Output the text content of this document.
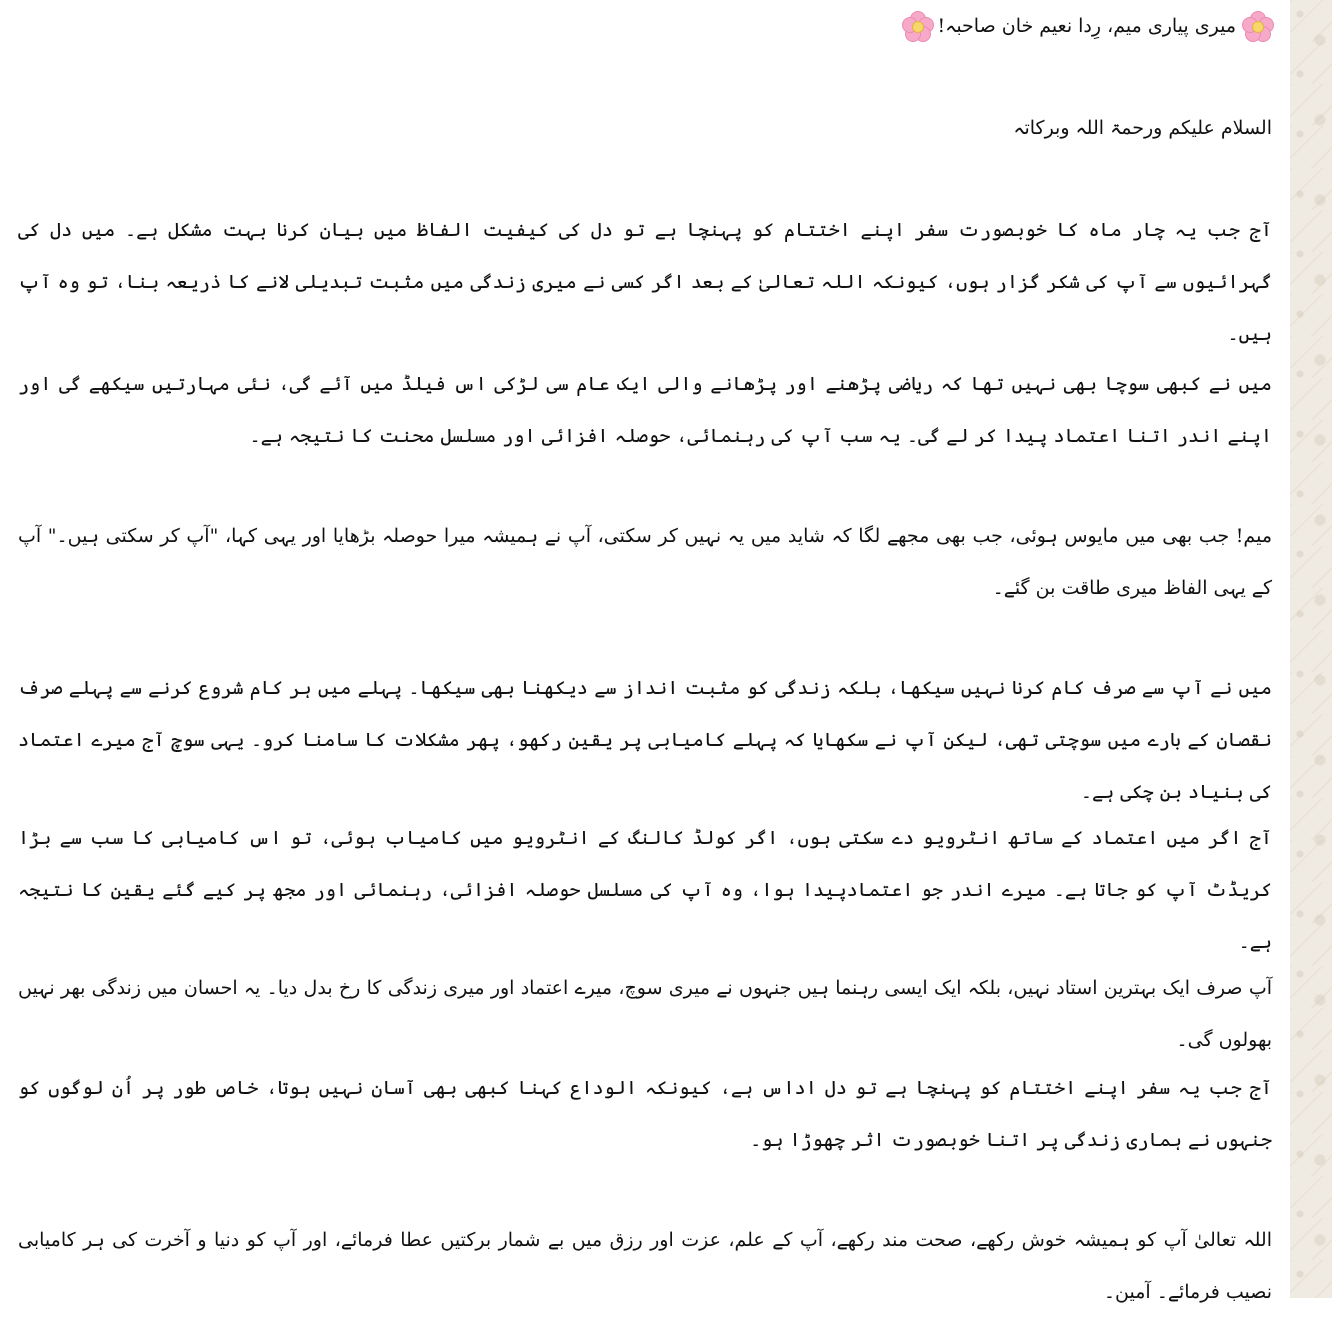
میری پیاری میم، رِدا نعیم خان صاحبہ!

السلام علیکم ورحمۃ اللہ وبرکاتہ

آج جب یہ چار ماہ کا خوبصورت سفر اپنے اختتام کو پہنچا ہے تو دل کی کیفیت الفاظ میں بیان کرنا بہت مشکل ہے۔ میں دل کی گہرائیوں سے آپ کی شکر گزار ہوں، کیونکہ اللہ تعالیٰ کے بعد اگر کسی نے میری زندگی میں مثبت تبدیلی لانے کا ذریعہ بنا، تو وہ آپ ہیں۔

میں نے کبھی سوچا بھی نہیں تھا کہ ریاضی پڑھنے اور پڑھانے والی ایک عام سی لڑکی اس فیلڈ میں آئے گی، نئی مہارتیں سیکھے گی اور اپنے اندر اتنا اعتماد پیدا کر لے گی۔ یہ سب آپ کی رہنمائی، حوصلہ افزائی اور مسلسل محنت کا نتیجہ ہے۔

میم! جب بھی میں مایوس ہوئی، جب بھی مجھے لگا کہ شاید میں یہ نہیں کر سکتی، آپ نے ہمیشہ میرا حوصلہ بڑھایا اور یہی کہا، "آپ کر سکتی ہیں۔" آپ کے یہی الفاظ میری طاقت بن گئے۔

میں نے آپ سے صرف کام کرنا نہیں سیکھا، بلکہ زندگی کو مثبت انداز سے دیکھنا بھی سیکھا۔ پہلے میں ہر کام شروع کرنے سے پہلے صرف نقصان کے بارے میں سوچتی تھی، لیکن آپ نے سکھایا کہ پہلے کامیابی پر یقین رکھو، پھر مشکلات کا سامنا کرو۔ یہی سوچ آج میرے اعتماد کی بنیاد بن چکی ہے۔

آج اگر میں اعتماد کے ساتھ انٹرویو دے سکتی ہوں، اگر کولڈ کالنگ کے انٹرویو میں کامیاب ہوئی، تو اس کامیابی کا سب سے بڑا کریڈٹ آپ کو جاتا ہے۔ میرے اندر جو اعتمادپیدا ہوا، وہ آپ کی مسلسل حوصلہ افزائی، رہنمائی اور مجھ پر کیے گئے یقین کا نتیجہ ہے۔

آپ صرف ایک بہترین استاد نہیں، بلکہ ایک ایسی رہنما ہیں جنہوں نے میری سوچ، میرے اعتماد اور میری زندگی کا رخ بدل دیا۔ یہ احسان میں زندگی بھر نہیں بھولوں گی۔

آج جب یہ سفر اپنے اختتام کو پہنچا ہے تو دل اداس ہے، کیونکہ الوداع کہنا کبھی بھی آسان نہیں ہوتا، خاص طور پر اُن لوگوں کو جنہوں نے ہماری زندگی پر اتنا خوبصورت اثر چھوڑا ہو۔

اللہ تعالیٰ آپ کو ہمیشہ خوش رکھے، صحت مند رکھے، آپ کے علم، عزت اور رزق میں بے شمار برکتیں عطا فرمائے، اور آپ کو دنیا و آخرت کی ہر کامیابی نصیب فرمائے۔ آمین۔
